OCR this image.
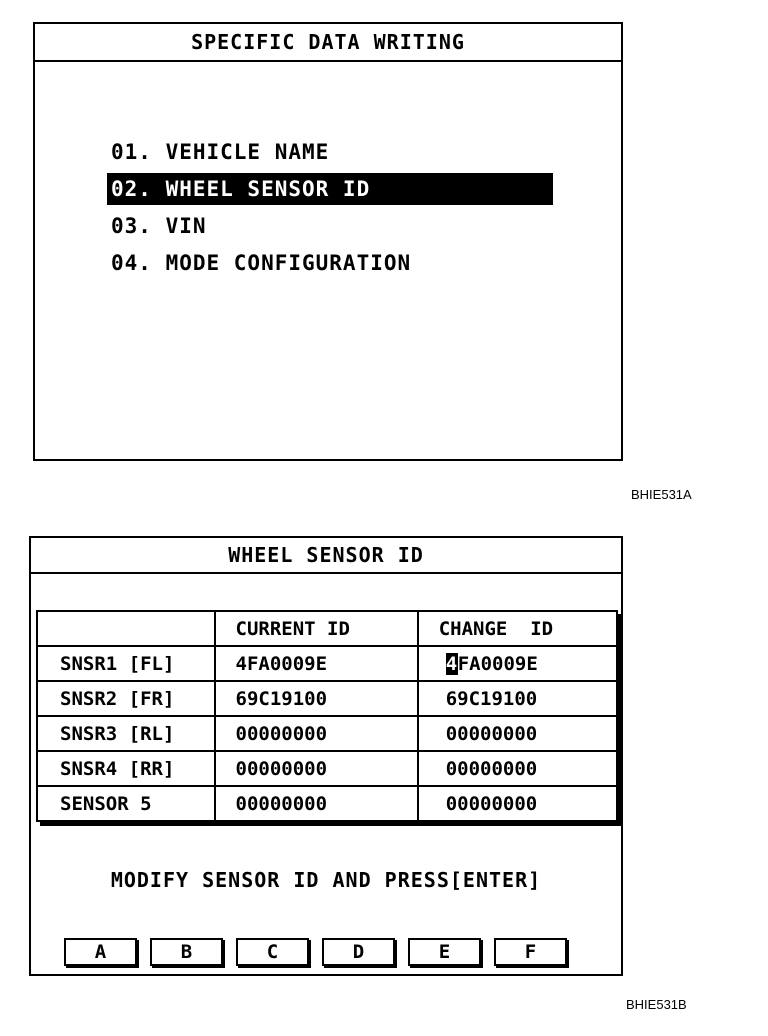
SPECIFIC DATA WRITING
01. VEHICLE NAME
02. WHEEL SENSOR ID
03. VIN
04. MODE CONFIGURATION
BHIE531A
WHEEL SENSOR ID
	CURRENT ID	CHANGE  ID
SNSR1 [FL]	4FA0009E	4FA0009E
SNSR2 [FR]	69C19100	69C19100
SNSR3 [RL]	00000000	00000000
SNSR4 [RR]	00000000	00000000
SENSOR 5	00000000	00000000
MODIFY SENSOR ID AND PRESS[ENTER]
A	B	C	D	E	F
BHIE531B
